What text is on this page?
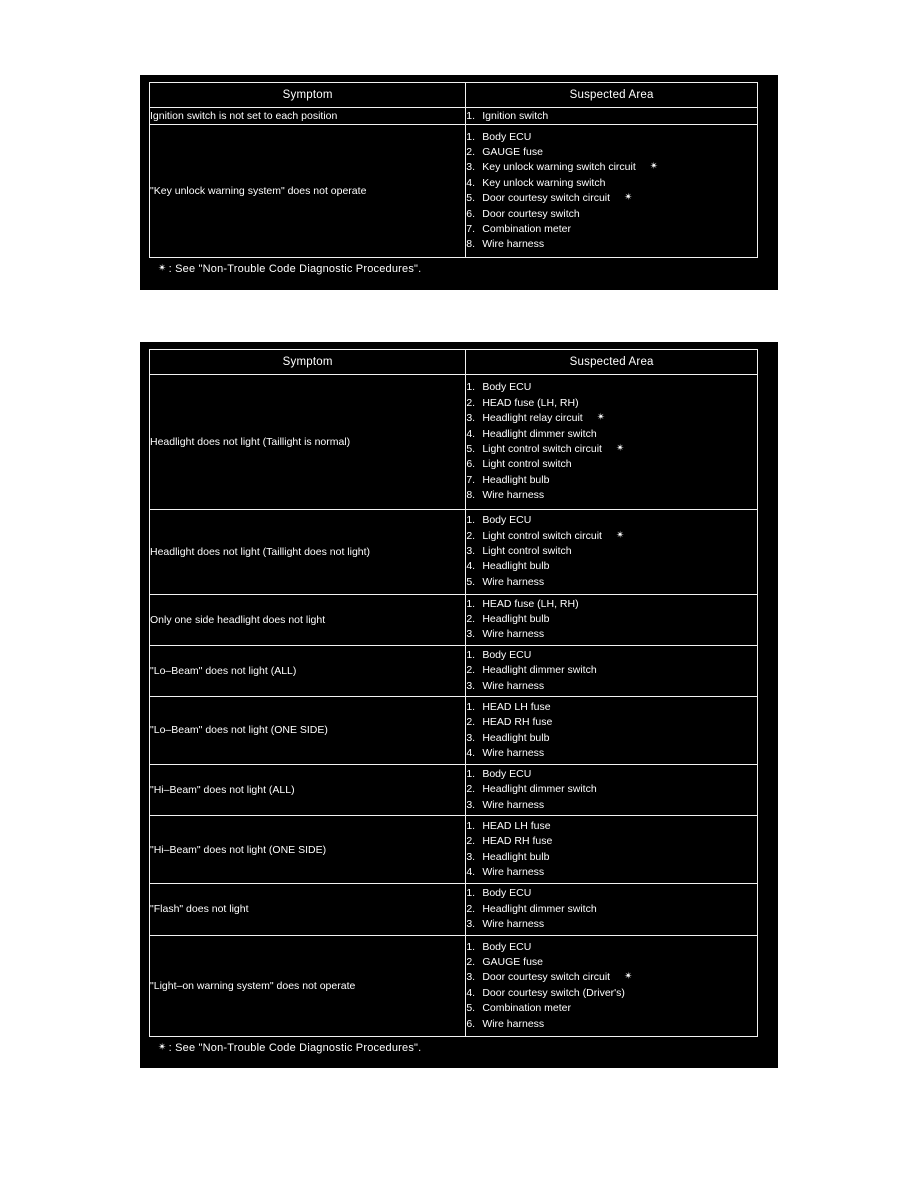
Symptom	Suspected Area
Ignition switch is not set to each position	1. Ignition switch

"Key unlock warning system" does not operate	
1. Body ECU
2. GAUGE fuse
3. Key unlock warning switch circuit ✴
4. Key unlock warning switch
5. Door courtesy switch circuit ✴
6. Door courtesy switch
7. Combination meter
8. Wire harness
✴ : See "Non-Trouble Code Diagnostic Procedures".
Symptom	Suspected Area
Headlight does not light (Taillight is normal)	
1. Body ECU
2. HEAD fuse (LH, RH)
3. Headlight relay circuit ✴
4. Headlight dimmer switch
5. Light control switch circuit ✴
6. Light control switch
7. Headlight bulb
8. Wire harness

Headlight does not light (Taillight does not light)	
1. Body ECU
2. Light control switch circuit ✴
3. Light control switch
4. Headlight bulb
5. Wire harness

Only one side headlight does not light	
1. HEAD fuse (LH, RH)
2. Headlight bulb
3. Wire harness

"Lo–Beam" does not light (ALL)	
1. Body ECU
2. Headlight dimmer switch
3. Wire harness

"Lo–Beam" does not light (ONE SIDE)	
1. HEAD LH fuse
2. HEAD RH fuse
3. Headlight bulb
4. Wire harness

"Hi–Beam" does not light (ALL)	
1. Body ECU
2. Headlight dimmer switch
3. Wire harness

"Hi–Beam" does not light (ONE SIDE)	
1. HEAD LH fuse
2. HEAD RH fuse
3. Headlight bulb
4. Wire harness

"Flash" does not light	
1. Body ECU
2. Headlight dimmer switch
3. Wire harness

"Light–on warning system" does not operate	
1. Body ECU
2. GAUGE fuse
3. Door courtesy switch circuit ✴
4. Door courtesy switch (Driver's)
5. Combination meter
6. Wire harness
✴ : See "Non-Trouble Code Diagnostic Procedures".
